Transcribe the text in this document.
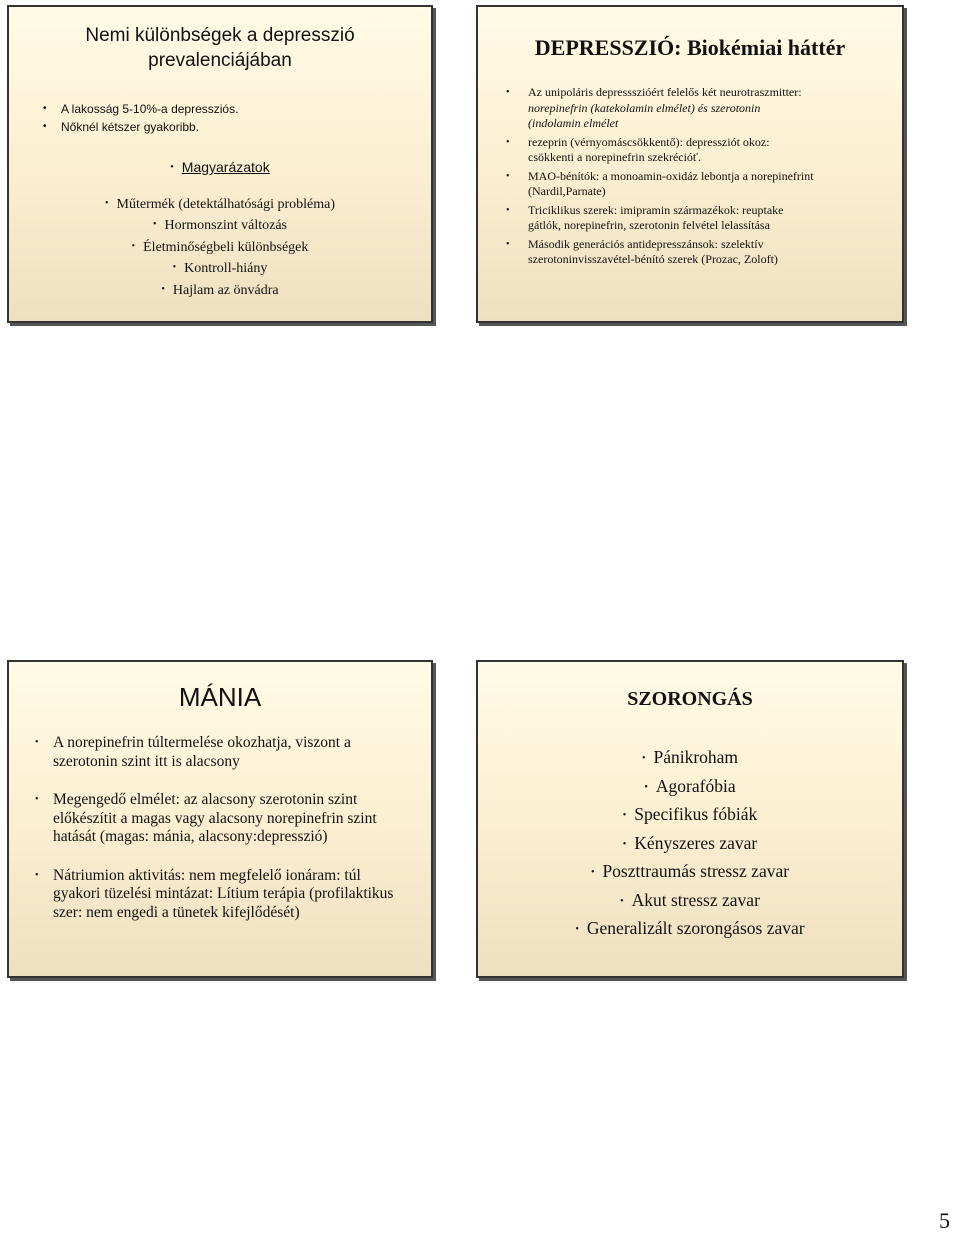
Nemi különbségek a depresszió prevalenciájában
• A lakosság 5-10%-a depressziós.
• Nőknél kétszer gyakoribb.
• Magyarázatok
• Műtermék (detektálhatósági probléma)
• Hormonszint változás
• Életminőségbeli különbségek
• Kontroll-hiány
• Hajlam az önvádra
DEPRESSZIÓ: Biokémiai háttér
• Az unipoláris depressszióért felelős két neurotraszmitter:
norepinefrin (katekolamin elmélet) és szerotonin
(indolamin elmélet
• rezeprin (vérnyomáscsökkentő): depressziót okoz:
csökkenti a norepinefrin szekrécióť.
• MAO-bénítók: a monoamin-oxidáz lebontja a norepinefrint
(Nardil,Parnate)
• Triciklikus szerek: imipramin származékok: reuptake
gátlók, norepinefrin, szerotonin felvétel lelassítása
• Második generációs antidepresszánsok: szelektív
szerotoninvisszavétel-bénító szerek (Prozac, Zoloft)
MÁNIA
• A norepinefrin túltermelése okozhatja, viszont a
szerotonin szint itt is alacsony
• Megengedő elmélet: az alacsony szerotonin szint
előkészítit a magas vagy alacsony norepinefrin szint
hatását (magas: mánia, alacsony:depresszió)
• Nátriumion aktivitás: nem megfelelő ionáram: túl
gyakori tüzelési mintázat: Lítium terápia (profilaktikus
szer: nem engedi a tünetek kifejlődését)
SZORONGÁS
• Pánikroham
• Agorafóbia
• Specifikus fóbiák
• Kényszeres zavar
• Poszttraumás stressz zavar
• Akut stressz zavar
• Generalizált szorongásos zavar
5
